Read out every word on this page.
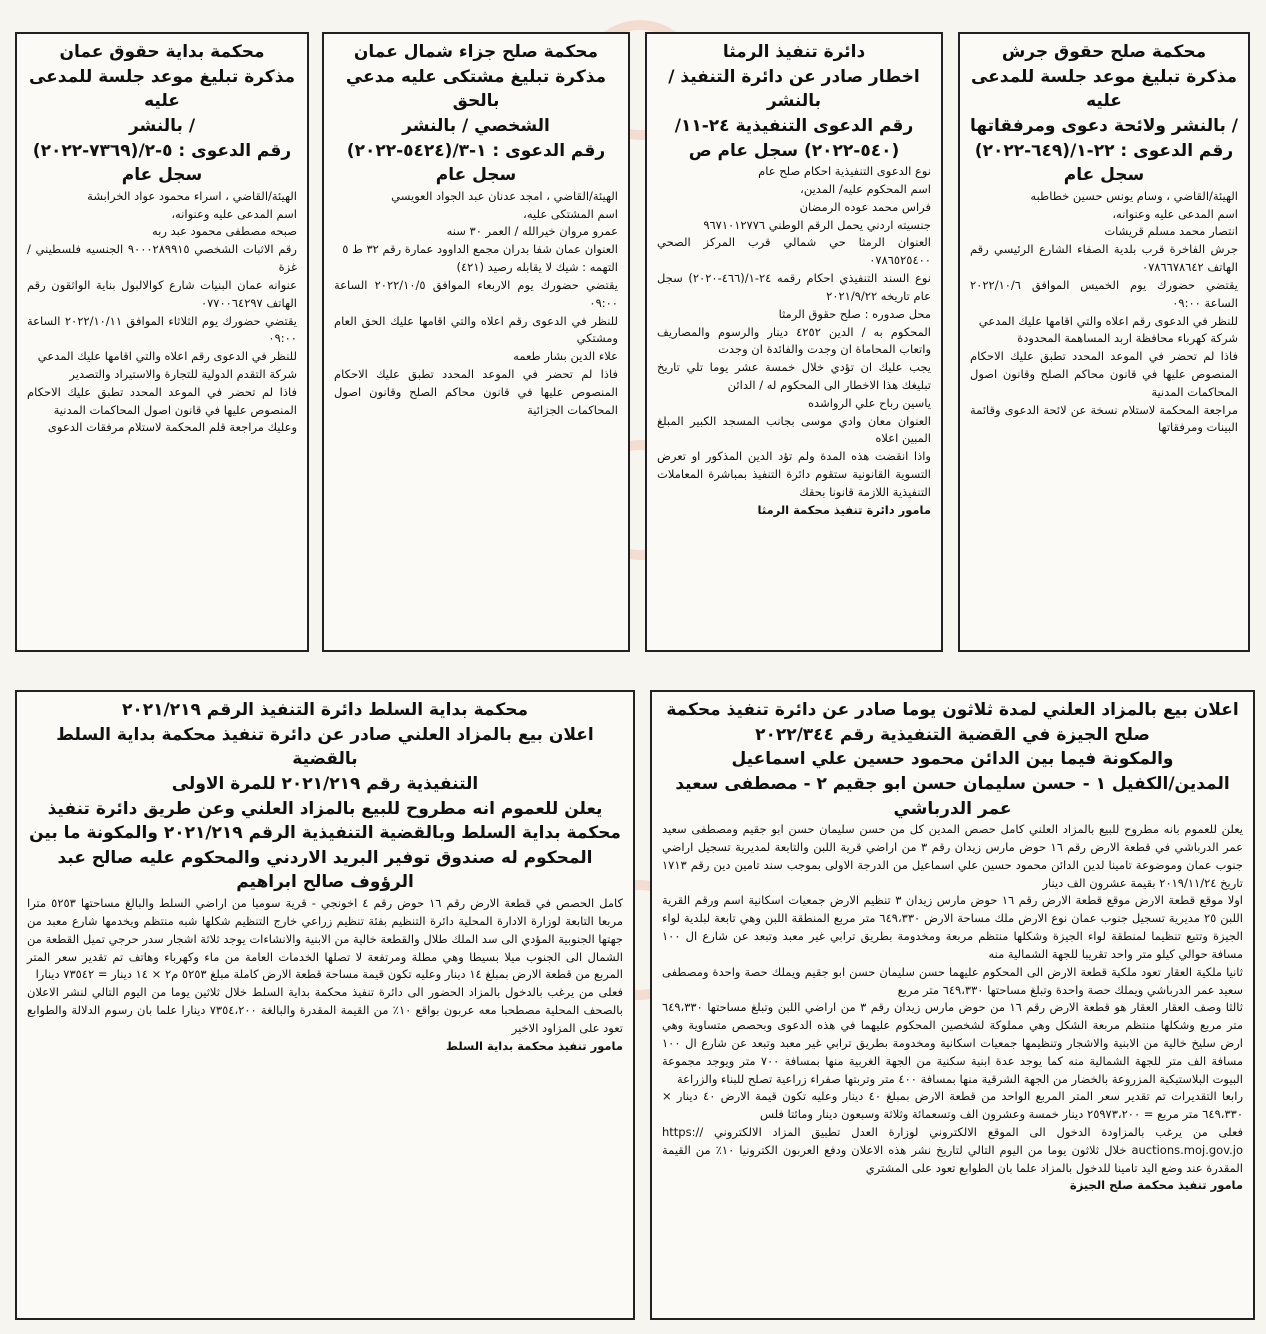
محكمة صلح حقوق جرش
مذكرة تبليغ موعد جلسة للمدعى عليه
/ بالنشر ولائحة دعوى ومرفقاتها
رقم الدعوى : ٢٢-١/(٦٤٩-٢٠٢٢)
سجل عام

الهيئة/القاضي ، وسام يونس حسين خطاطبه

اسم المدعى عليه وعنوانه،

انتصار محمد مسلم قريشات

جرش الفاخرة قرب بلدية الصفاء الشارع الرئيسي رقم الهاتف ٠٧٨٦٦٧٨٦٤٢

يقتضي حضورك يوم الخميس الموافق ٢٠٢٢/١٠/٦ الساعة ٠٩:٠٠

للنظر في الدعوى رقم اعلاه والتي اقامها عليك المدعي

شركة كهرباء محافظة اربد المساهمة المحدودة

فاذا لم تحضر في الموعد المحدد تطبق عليك الاحكام المنصوص عليها في قانون محاكم الصلح وقانون اصول المحاكمات المدنية

مراجعة المحكمة لاستلام نسخة عن لائحة الدعوى وقائمة البينات ومرفقاتها

دائرة تنفيذ الرمثا
اخطار صادر عن دائرة التنفيذ / بالنشر
رقم الدعوى التنفيذية ٢٤-١١/
(٥٤٠-٢٠٢٢) سجل عام ص

نوع الدعوى التنفيذية احكام صلح عام

اسم المحكوم عليه/ المدين،

فراس محمد عوده الرمضان

جنسيته اردني يحمل الرقم الوطني ٩٦٧١٠١٢٧٧٦

العنوان الرمثا حي شمالي قرب المركز الصحي ٠٧٨٦٥٢٥٤٠٠

نوع السند التنفيذي احكام رقمه ٢٤-١/(٤٦٦-٢٠٢٠) سجل عام تاريخه ٢٠٢١/٩/٢٢

محل صدوره : صلح حقوق الرمثا

المحكوم به / الدين ٤٢٥٢ دينار والرسوم والمصاريف واتعاب المحاماة ان وجدت والفائدة ان وجدت

يجب عليك ان تؤدي خلال خمسة عشر يوما تلي تاريخ تبليغك هذا الاخطار الى المحكوم له / الدائن

ياسين رباح علي الرواشده

العنوان معان وادي موسى بجانب المسجد الكبير المبلغ المبين اعلاه

واذا انقضت هذه المدة ولم تؤد الدين المذكور او تعرض التسوية القانونية ستقوم دائرة التنفيذ بمباشرة المعاملات التنفيذية اللازمة قانونا بحقك

مامور دائرة تنفيذ محكمة الرمثا

محكمة صلح جزاء شمال عمان
مذكرة تبليغ مشتكى عليه مدعي بالحق
الشخصي / بالنشر
رقم الدعوى : ١-٣/(٥٤٢٤-٢٠٢٢)
سجل عام

الهيئة/القاضي ، امجد عدنان عبد الجواد العويسي

اسم المشتكى عليه،

عمرو مروان خيرالله / العمر ٣٠ سنه

العنوان عمان شفا بدران مجمع الداوود عمارة رقم ٣٢ ط ٥

التهمه : شيك لا يقابله رصيد (٤٢١)

يقتضي حضورك يوم الاربعاء الموافق ٢٠٢٢/١٠/٥ الساعة ٠٩:٠٠

للنظر في الدعوى رقم اعلاه والتي اقامها عليك الحق العام ومشتكي

علاء الدين بشار طعمه

فاذا لم تحضر في الموعد المحدد تطبق عليك الاحكام المنصوص عليها في قانون محاكم الصلح وقانون اصول المحاكمات الجزائية

محكمة بداية حقوق عمان
مذكرة تبليغ موعد جلسة للمدعى عليه
/ بالنشر
رقم الدعوى : ٥-٢/(٧٣٦٩-٢٠٢٢)
سجل عام

الهيئة/القاضي ، اسراء محمود عواد الخرابشة

اسم المدعى عليه وعنوانه،

صبحه مصطفى محمود عبد ربه

رقم الاثبات الشخصي ٩٠٠٠٢٨٩٩١٥ الجنسيه فلسطيني / غزة

عنوانه عمان البنيات شارع كوالالبول بناية الواثقون رقم الهاتف ٠٧٧٠٠٦٤٢٩٧

يقتضي حضورك يوم الثلاثاء الموافق ٢٠٢٢/١٠/١١ الساعة ٠٩:٠٠

للنظر في الدعوى رقم اعلاه والتي اقامها عليك المدعي

شركة التقدم الدولية للتجارة والاستيراد والتصدير

فاذا لم تحضر في الموعد المحدد تطبق عليك الاحكام المنصوص عليها في قانون اصول المحاكمات المدنية

وعليك مراجعة قلم المحكمة لاستلام مرفقات الدعوى

اعلان بيع بالمزاد العلني لمدة ثلاثون يوما صادر عن دائرة تنفيذ محكمة صلح الجيزة في القضية التنفيذية رقم ٢٠٢٢/٣٤٤
والمكونة فيما بين الدائن محمود حسين علي اسماعيل
المدين/الكفيل ١ - حسن سليمان حسن ابو جقيم ٢ - مصطفى سعيد عمر الدرباشي

يعلن للعموم بانه مطروح للبيع بالمزاد العلني كامل حصص المدين كل من حسن سليمان حسن ابو جقيم ومصطفى سعيد عمر الدرباشي في قطعة الارض رقم ١٦ حوض مارس زيدان رقم ٣ من اراضي قرية اللبن والتابعة لمديرية تسجيل اراضي جنوب عمان وموضوعة تامينا لدين الدائن محمود حسين علي اسماعيل من الدرجة الاولى بموجب سند تامين دين رقم ١٧١٣ تاريخ ٢٠١٩/١١/٢٤ بقيمة عشرون الف دينار

اولا موقع قطعة الارض موقع قطعة الارض رقم ١٦ حوض مارس زيدان ٣ تنظيم الارض جمعيات اسكانية اسم ورقم القرية اللبن ٢٥ مديرية تسجيل جنوب عمان نوع الارض ملك مساحة الارض ٦٤٩،٣٣٠ متر مربع المنطقة اللبن وهي تابعة لبلدية لواء الجيزة وتتبع تنظيما لمنطقة لواء الجيزة وشكلها منتظم مربعة ومخدومة بطريق ترابي غير معبد وتبعد عن شارع ال ١٠٠ مسافة حوالي كيلو متر واحد تقريبا للجهة الشمالية منه

ثانيا ملكية العقار تعود ملكية قطعة الارض الى المحكوم عليهما حسن سليمان حسن ابو جقيم ويملك حصة واحدة ومصطفى سعيد عمر الدرباشي ويملك حصة واحدة وتبلغ مساحتها ٦٤٩،٣٣٠ متر مربع

ثالثا وصف العقار العقار هو قطعة الارض رقم ١٦ من حوض مارس زيدان رقم ٣ من اراضي اللبن وتبلغ مساحتها ٦٤٩،٣٣٠ متر مربع وشكلها منتظم مربعة الشكل وهي مملوكة لشخصين المحكوم عليهما في هذه الدعوى وبحصص متساوية وهي ارض سليخ خالية من الابنية والاشجار وتنظيمها جمعيات اسكانية ومخدومة بطريق ترابي غير معبد وتبعد عن شارع ال ١٠٠ مسافة الف متر للجهة الشمالية منه كما يوجد عدة ابنية سكنية من الجهة الغربية منها بمسافة ٧٠٠ متر ويوجد مجموعة البيوت البلاستيكية المزروعة بالخضار من الجهة الشرقية منها بمسافة ٤٠٠ متر وتربتها صفراء زراعية تصلح للبناء والزراعة

رابعا التقديرات تم تقدير سعر المتر المربع الواحد من قطعة الارض بمبلغ ٤٠ دينار وعليه تكون قيمة الارض ٤٠ دينار × ٦٤٩،٣٣٠ متر مربع = ٢٥٩٧٣،٢٠٠ دينار خمسة وعشرون الف وتسعمائة وثلاثة وسبعون دينار ومائتا فلس

فعلى من يرغب بالمزاودة الدخول الى الموقع الالكتروني لوزارة العدل تطبيق المزاد الالكتروني //:https auctions.moj.gov.jo خلال ثلاثون يوما من اليوم التالي لتاريخ نشر هذه الاعلان ودفع العربون الكترونيا ١٠٪ من القيمة المقدرة عند وضع اليد تامينا للدخول بالمزاد علما بان الطوابع تعود على المشتري

مامور تنفيذ محكمة صلح الجيزة

محكمة بداية السلط دائرة التنفيذ الرقم ٢٠٢١/٢١٩
اعلان بيع بالمزاد العلني صادر عن دائرة تنفيذ محكمة بداية السلط بالقضية
التنفيذية رقم ٢٠٢١/٢١٩ للمرة الاولى
يعلن للعموم انه مطروح للبيع بالمزاد العلني وعن طريق دائرة تنفيذ محكمة بداية السلط وبالقضية التنفيذية الرقم ٢٠٢١/٢١٩ والمكونة ما بين المحكوم له صندوق توفير البريد الاردني والمحكوم عليه صالح عبد الرؤوف صالح ابراهيم

كامل الحصص في قطعة الارض رقم ١٦ حوض رقم ٤ اخونجي - قرية سوميا من اراضي السلط والبالغ مساحتها ٥٢٥٣ مترا مربعا التابعة لوزارة الادارة المحلية دائرة التنظيم بفئة تنظيم زراعي خارج التنظيم شكلها شبه منتظم ويخدمها شارع معبد من جهتها الجنوبية المؤدي الى سد الملك طلال والقطعة خالية من الابنية والانشاءات يوجد ثلاثة اشجار سدر حرجي تميل القطعة من الشمال الى الجنوب ميلا بسيطا وهي مطلة ومرتفعة لا تصلها الخدمات العامة من ماء وكهرباء وهاتف تم تقدير سعر المتر المربع من قطعة الارض بمبلغ ١٤ دينار وعليه تكون قيمة مساحة قطعة الارض كاملة مبلغ ٥٢٥٣ م٢ × ١٤ دينار = ٧٣٥٤٢ دينارا

فعلى من يرغب بالدخول بالمزاد الحضور الى دائرة تنفيذ محكمة بداية السلط خلال ثلاثين يوما من اليوم التالي لنشر الاعلان بالصحف المحلية مصطحبا معه عربون بواقع ١٠٪ من القيمة المقدرة والبالغة ٧٣٥٤،٢٠٠ دينارا علما بان رسوم الدلالة والطوابع تعود على المزاود الاخير

مامور تنفيذ محكمة بداية السلط
